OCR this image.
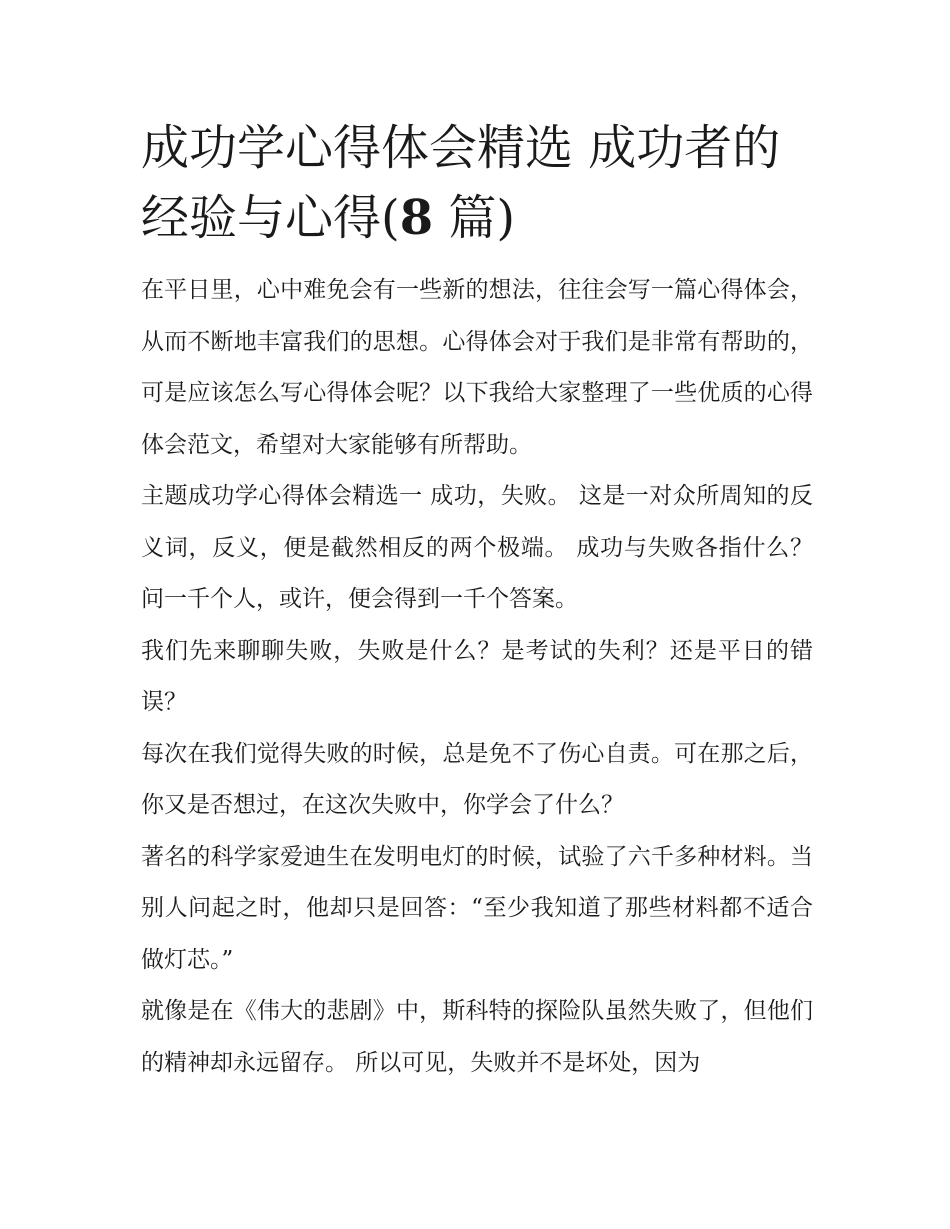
成功学心得体会精选 成功者的经验与心得(8 篇)

在平日里，心中难免会有一些新的想法，往往会写一篇心得体会，从而不断地丰富我们的思想。心得体会对于我们是非常有帮助的，可是应该怎么写心得体会呢？以下我给大家整理了一些优质的心得体会范文，希望对大家能够有所帮助。

主题成功学心得体会精选一 成功，失败。 这是一对众所周知的反义词，反义，便是截然相反的两个极端。 成功与失败各指什么？问一千个人，或许，便会得到一千个答案。

我们先来聊聊失败，失败是什么？是考试的失利？还是平日的错误？

每次在我们觉得失败的时候，总是免不了伤心自责。可在那之后，你又是否想过，在这次失败中，你学会了什么？

著名的科学家爱迪生在发明电灯的时候，试验了六千多种材料。当别人问起之时，他却只是回答：“至少我知道了那些材料都不适合做灯芯。”

就像是在《伟大的悲剧》中，斯科特的探险队虽然失败了，但他们的精神却永远留存。 所以可见，失败并不是坏处，因为
